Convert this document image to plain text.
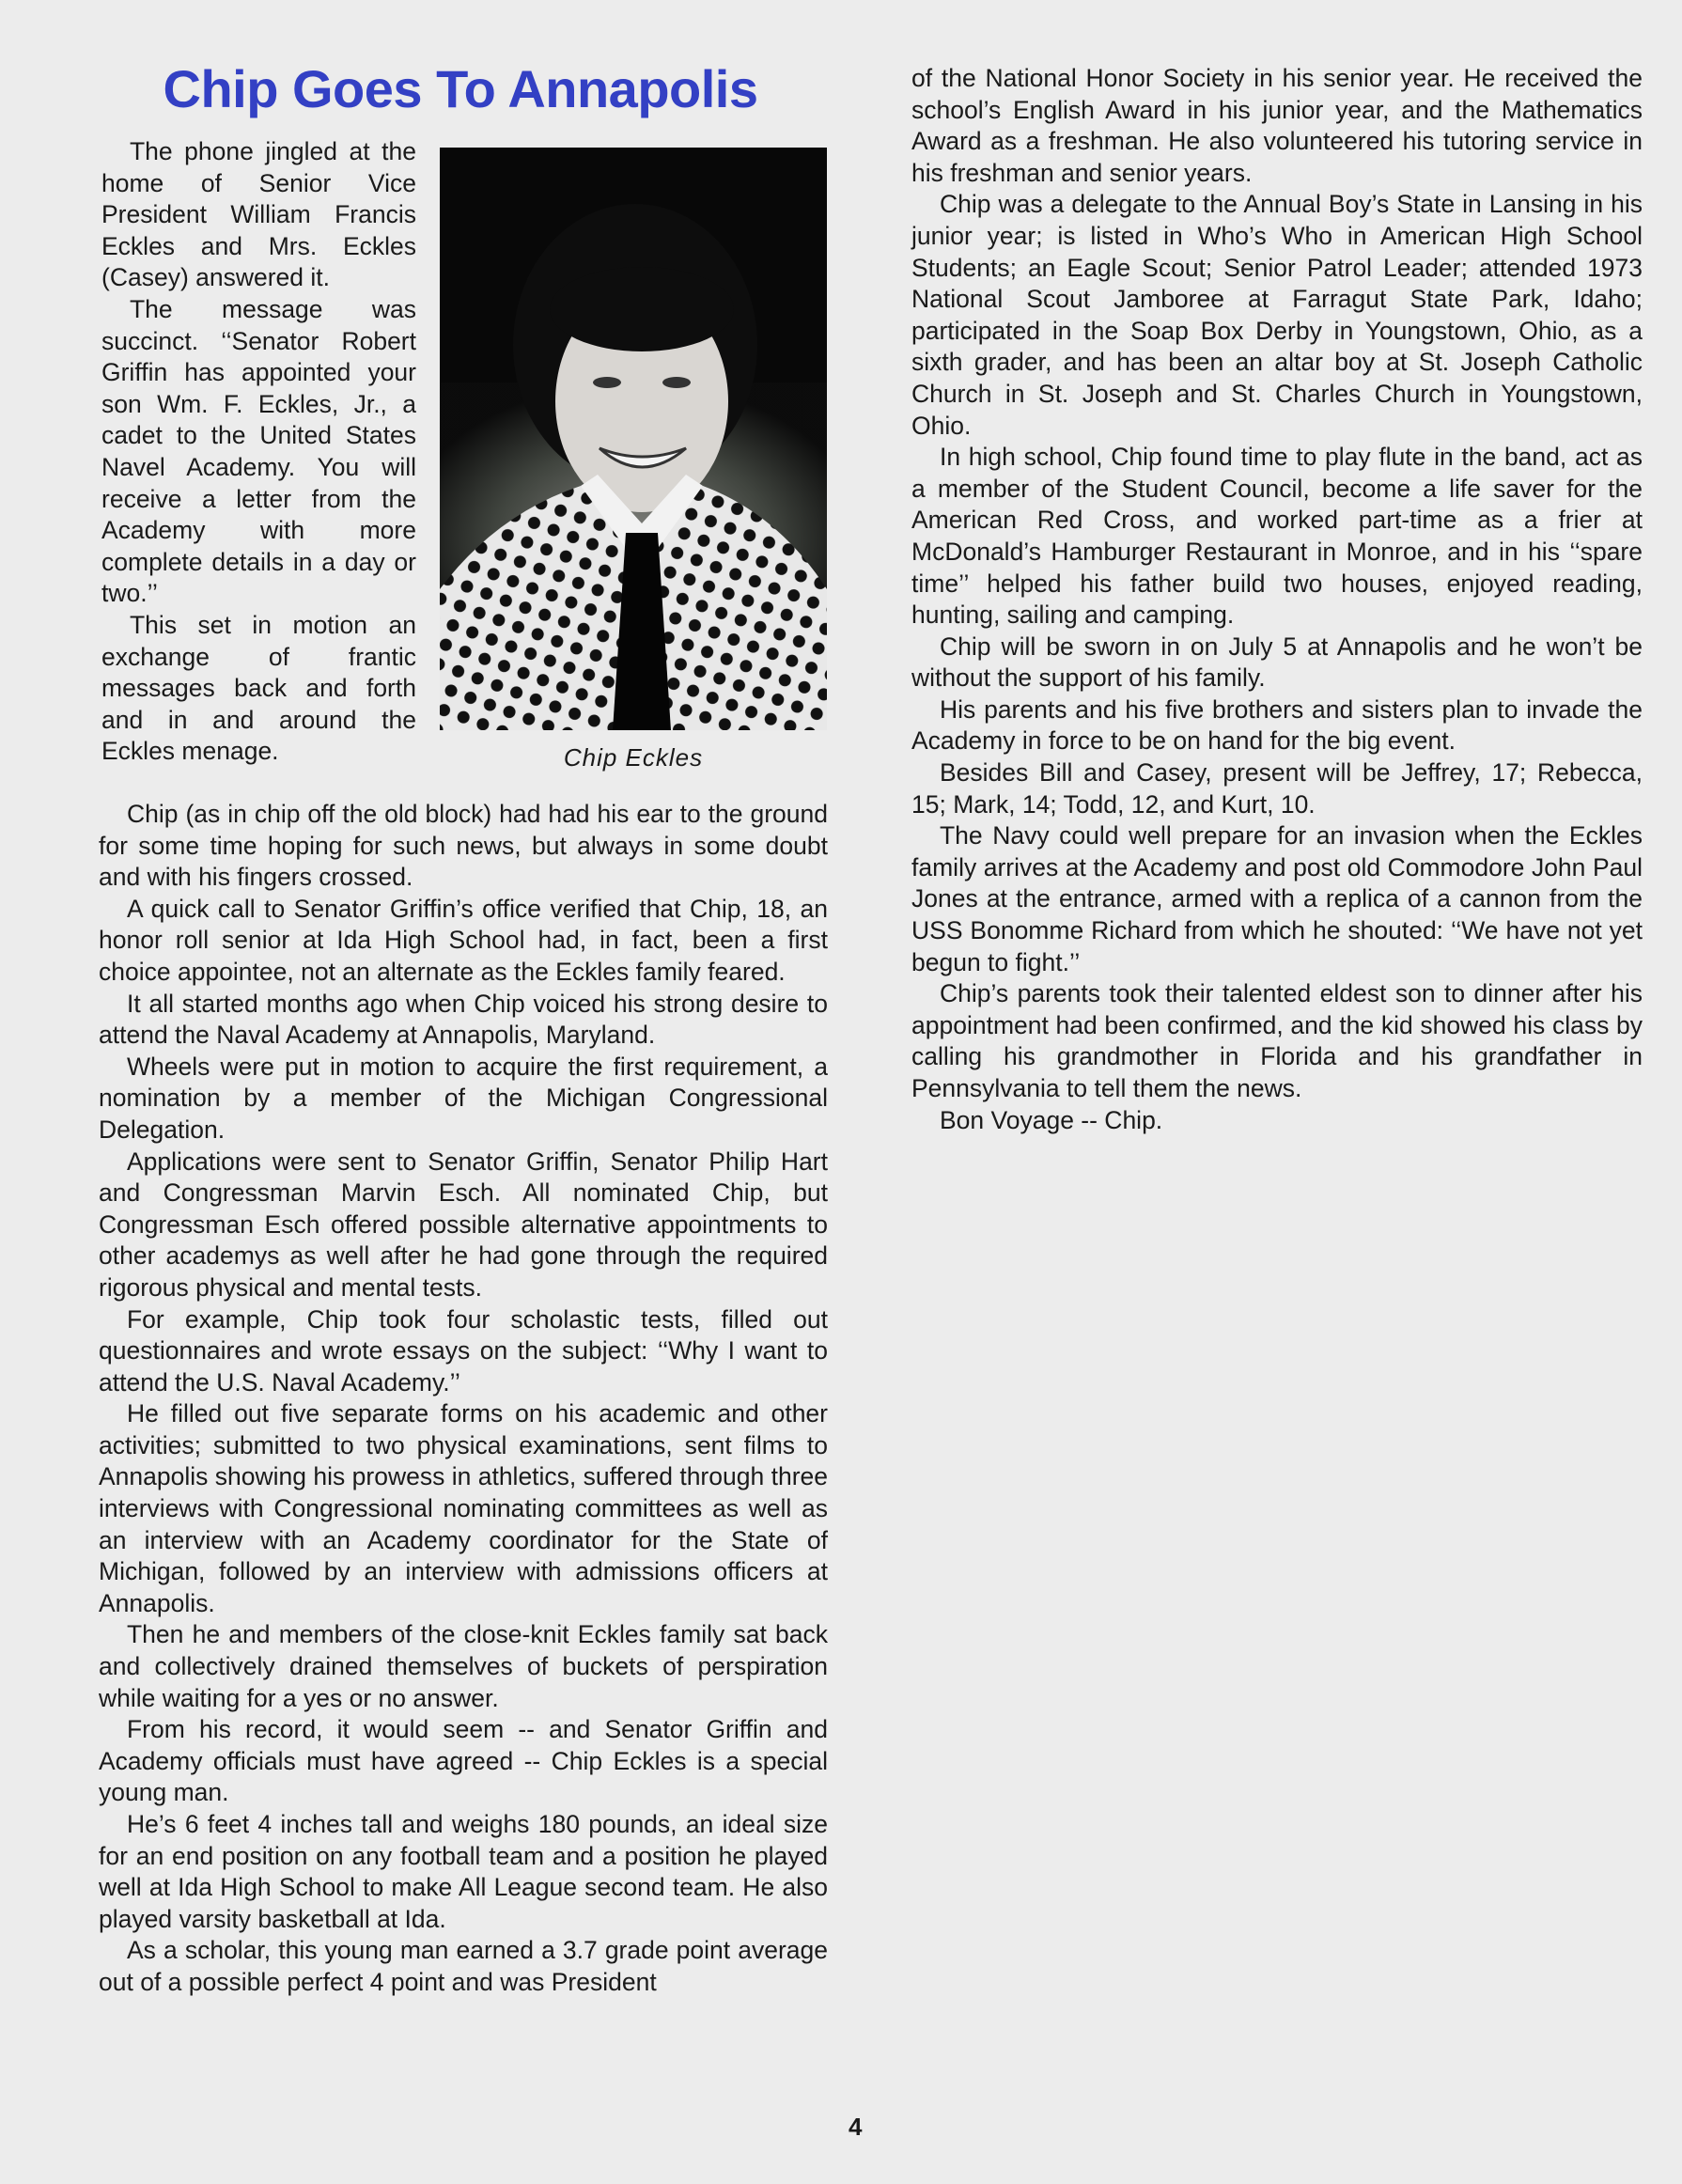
Chip Goes To Annapolis

The phone jingled at the home of Senior Vice President William Francis Eckles and Mrs. Eckles (Casey) answered it.

The message was succinct. ‘‘Senator Robert Griffin has appointed your son Wm. F. Eckles, Jr., a cadet to the United States Navel Academy. You will receive a letter from the Academy with more complete details in a day or two.’’

This set in motion an exchange of frantic messages back and forth and in and around the Eckles menage.	Chip Eckles

Chip (as in chip off the old block) had had his ear to the ground for some time hoping for such news, but always in some doubt and with his fingers crossed.

A quick call to Senator Griffin’s office verified that Chip, 18, an honor roll senior at Ida High School had, in fact, been a first choice appointee, not an alternate as the Eckles family feared.

It all started months ago when Chip voiced his strong desire to attend the Naval Academy at Annapolis, Maryland.

Wheels were put in motion to acquire the first requirement, a nomination by a member of the Michigan Congressional Delegation.

Applications were sent to Senator Griffin, Senator Philip Hart and Congressman Marvin Esch. All nominated Chip, but Congressman Esch offered possible alternative appointments to other academys as well after he had gone through the required rigorous physical and mental tests.

For example, Chip took four scholastic tests, filled out questionnaires and wrote essays on the subject: ‘‘Why I want to attend the U.S. Naval Academy.’’

He filled out five separate forms on his academic and other activities; submitted to two physical examinations, sent films to Annapolis showing his prowess in athletics, suffered through three interviews with Congressional nominating committees as well as an interview with an Academy coordinator for the State of Michigan, followed by an interview with admissions officers at Annapolis.

Then he and members of the close-knit Eckles family sat back and collectively drained themselves of buckets of perspiration while waiting for a yes or no answer.

From his record, it would seem -- and Senator Griffin and Academy officials must have agreed -- Chip Eckles is a special young man.

He’s 6 feet 4 inches tall and weighs 180 pounds, an ideal size for an end position on any football team and a position he played well at Ida High School to make All League second team. He also played varsity basketball at Ida.

As a scholar, this young man earned a 3.7 grade point average out of a possible perfect 4 point and was President

of the National Honor Society in his senior year. He received the school’s English Award in his junior year, and the Mathematics Award as a freshman. He also volunteered his tutoring service in his freshman and senior years.

Chip was a delegate to the Annual Boy’s State in Lansing in his junior year; is listed in Who’s Who in American High School Students; an Eagle Scout; Senior Patrol Leader; attended 1973 National Scout Jamboree at Farragut State Park, Idaho; participated in the Soap Box Derby in Youngstown, Ohio, as a sixth grader, and has been an altar boy at St. Joseph Catholic Church in St. Joseph and St. Charles Church in Youngstown, Ohio.

In high school, Chip found time to play flute in the band, act as a member of the Student Council, become a life saver for the American Red Cross, and worked part-time as a frier at McDonald’s Hamburger Restaurant in Monroe, and in his ‘‘spare time’’ helped his father build two houses, enjoyed reading, hunting, sailing and camping.

Chip will be sworn in on July 5 at Annapolis and he won’t be without the support of his family.

His parents and his five brothers and sisters plan to invade the Academy in force to be on hand for the big event.

Besides Bill and Casey, present will be Jeffrey, 17; Rebecca, 15; Mark, 14; Todd, 12, and Kurt, 10.

The Navy could well prepare for an invasion when the Eckles family arrives at the Academy and post old Commodore John Paul Jones at the entrance, armed with a replica of a cannon from the USS Bonomme Richard from which he shouted: ‘‘We have not yet begun to fight.’’

Chip’s parents took their talented eldest son to dinner after his appointment had been confirmed, and the kid showed his class by calling his grandmother in Florida and his grandfather in Pennsylvania to tell them the news.

Bon Voyage -- Chip.

4
